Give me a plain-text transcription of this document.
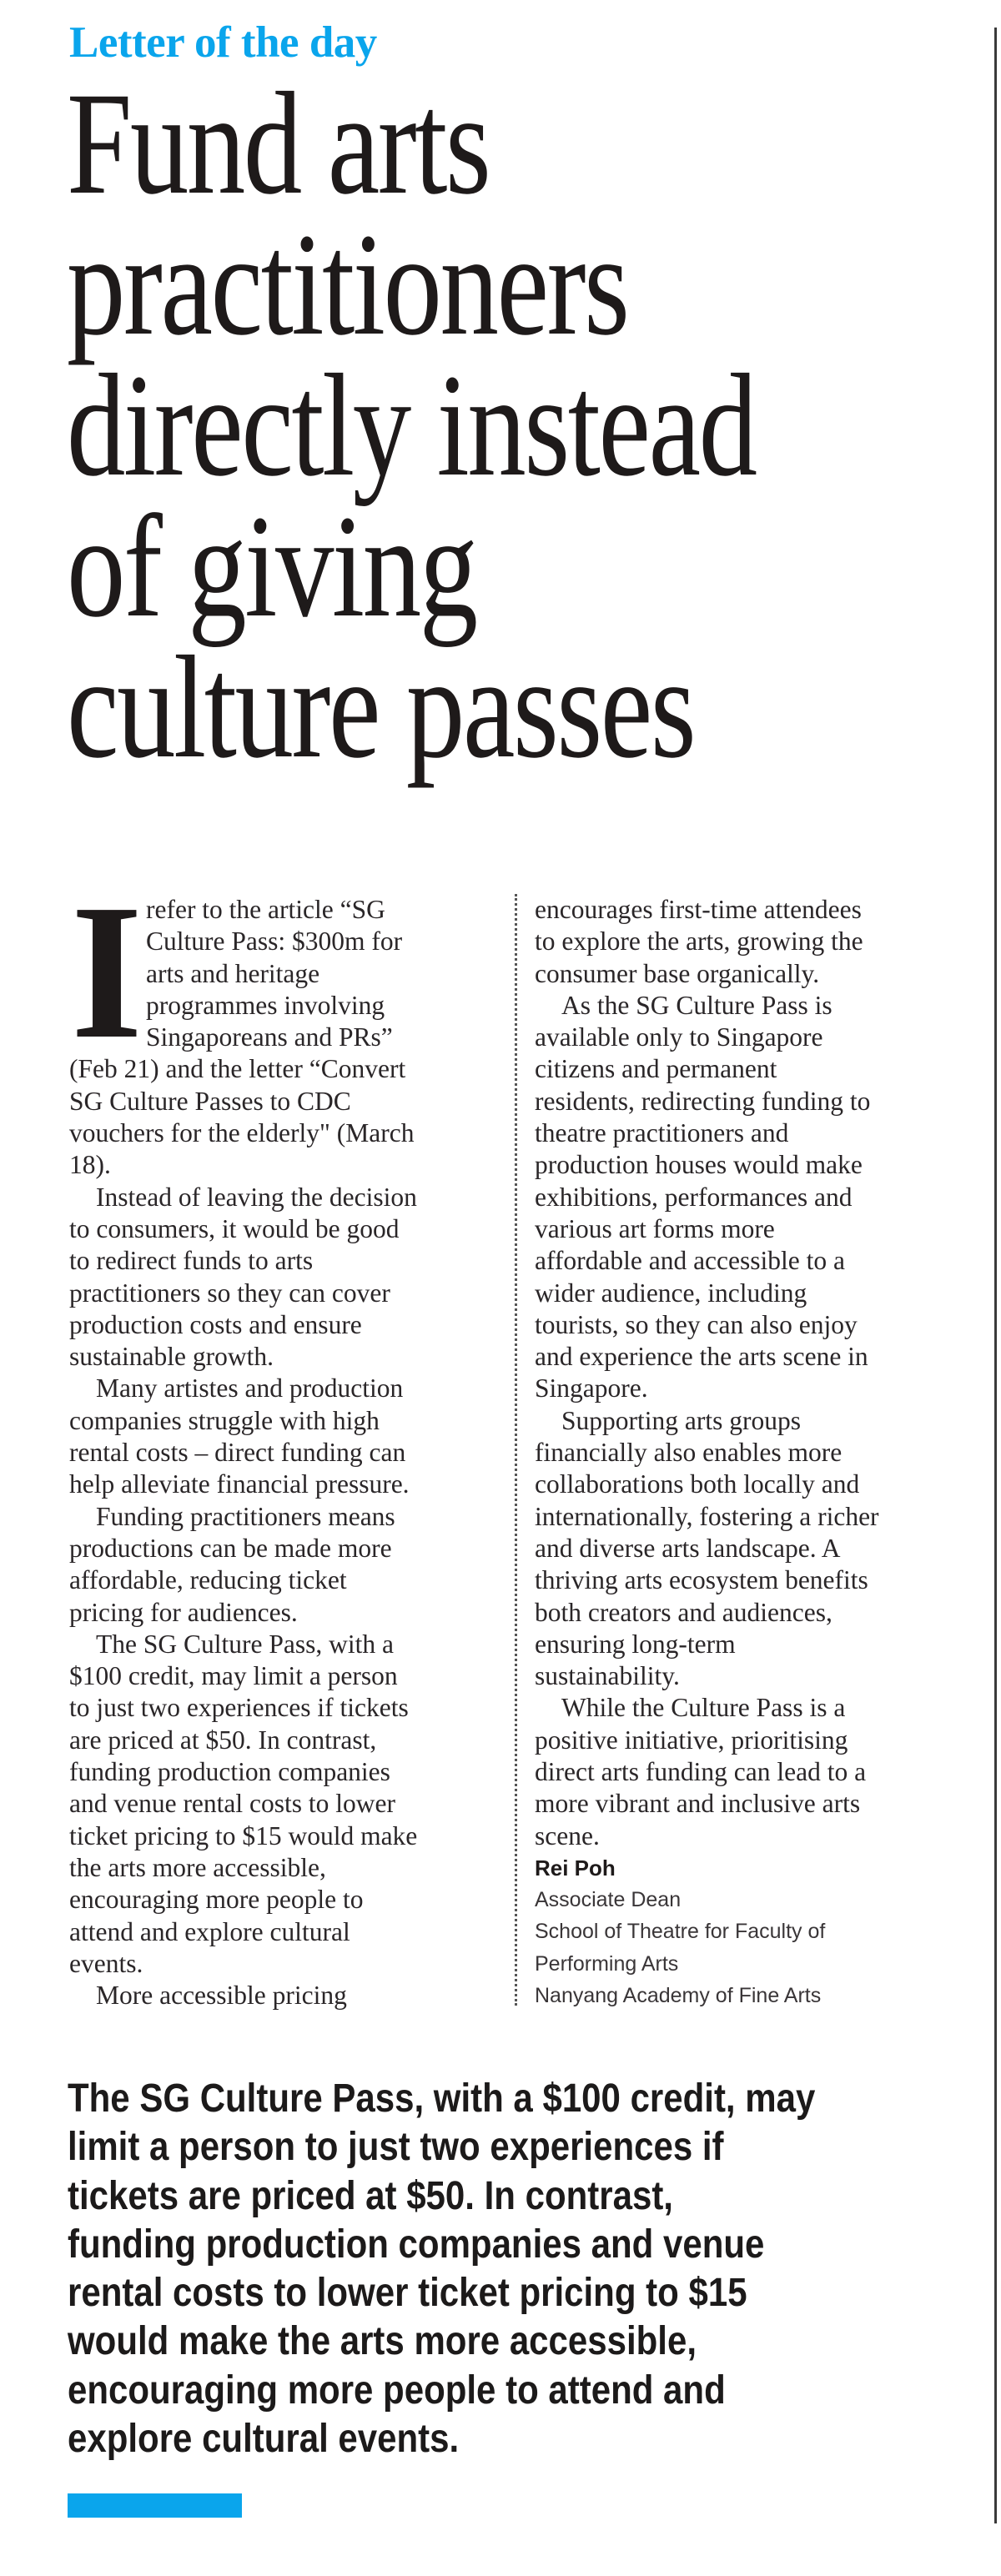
Letter of the day
Fund arts
practitioners
directly instead
of giving
culture passes
I refer to the article “SG
Culture Pass: $300m for
arts and heritage
programmes involving
Singaporeans and PRs”
(Feb 21) and the letter “Convert
SG Culture Passes to CDC
vouchers for the elderly" (March
18).
Instead of leaving the decision
to consumers, it would be good
to redirect funds to arts
practitioners so they can cover
production costs and ensure
sustainable growth.
Many artistes and production
companies struggle with high
rental costs – direct funding can
help alleviate financial pressure.
Funding practitioners means
productions can be made more
affordable, reducing ticket
pricing for audiences.
The SG Culture Pass, with a
$100 credit, may limit a person
to just two experiences if tickets
are priced at $50. In contrast,
funding production companies
and venue rental costs to lower
ticket pricing to $15 would make
the arts more accessible,
encouraging more people to
attend and explore cultural
events.
More accessible pricing
encourages first-time attendees
to explore the arts, growing the
consumer base organically.
As the SG Culture Pass is
available only to Singapore
citizens and permanent
residents, redirecting funding to
theatre practitioners and
production houses would make
exhibitions, performances and
various art forms more
affordable and accessible to a
wider audience, including
tourists, so they can also enjoy
and experience the arts scene in
Singapore.
Supporting arts groups
financially also enables more
collaborations both locally and
internationally, fostering a richer
and diverse arts landscape. A
thriving arts ecosystem benefits
both creators and audiences,
ensuring long-term
sustainability.
While the Culture Pass is a
positive initiative, prioritising
direct arts funding can lead to a
more vibrant and inclusive arts
scene.
Rei Poh
Associate Dean
School of Theatre for Faculty of
Performing Arts
Nanyang Academy of Fine Arts
The SG Culture Pass, with a $100 credit, may
limit a person to just two experiences if
tickets are priced at $50. In contrast,
funding production companies and venue
rental costs to lower ticket pricing to $15
would make the arts more accessible,
encouraging more people to attend and
explore cultural events.
